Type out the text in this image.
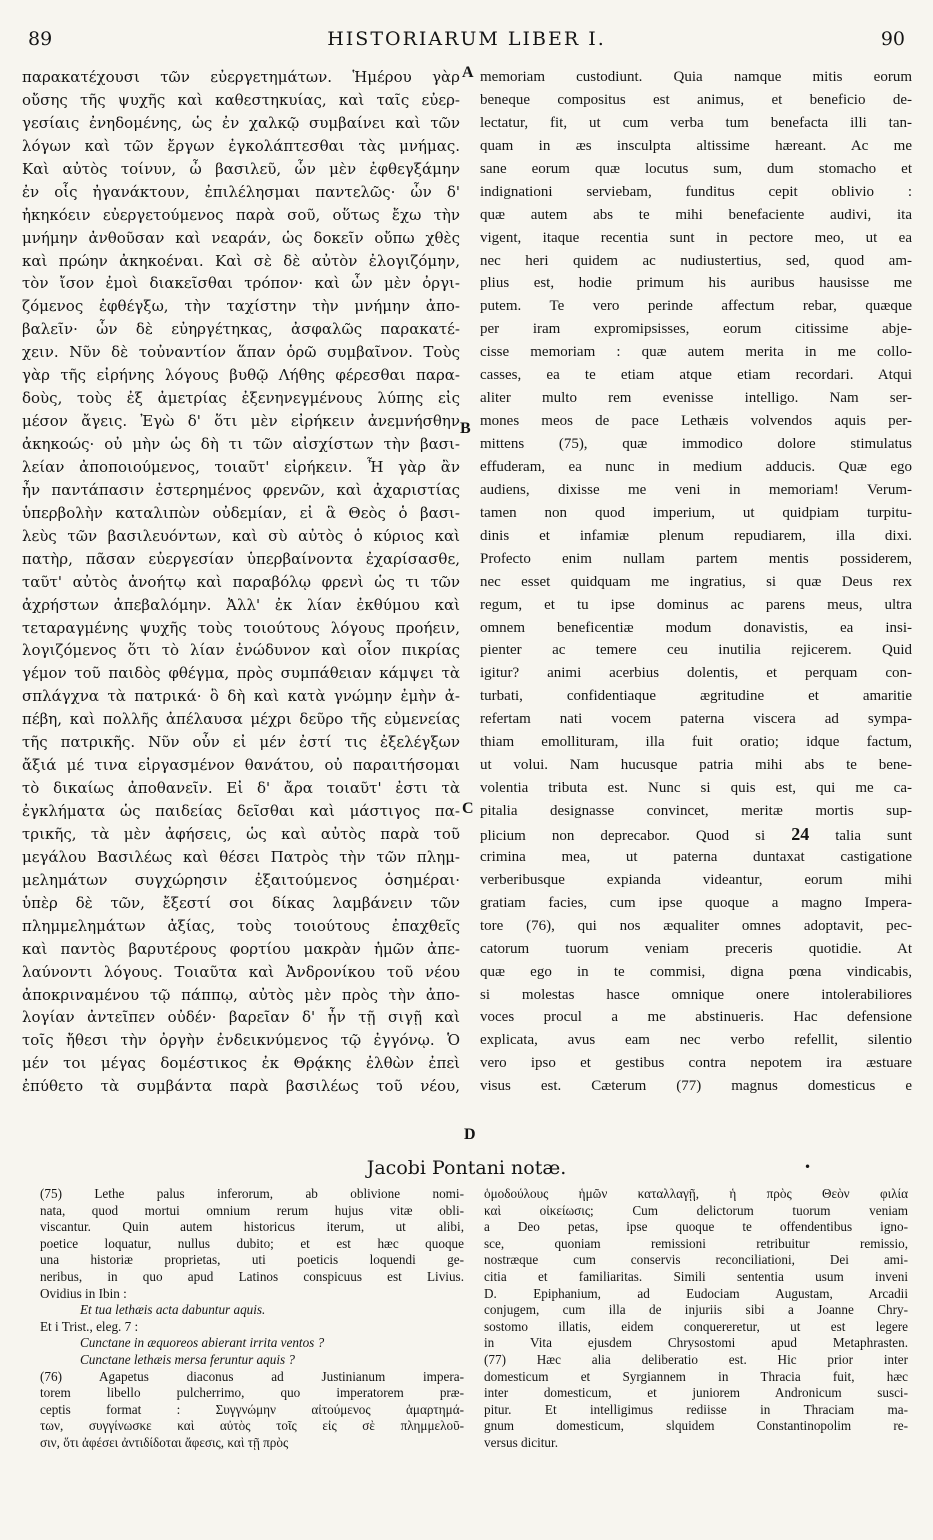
89	HISTORIARUM LIBER I.	90
παρακατέχουσι τῶν εὐεργετημάτων. Ἡμέρου γὰρ
οὔσης τῆς ψυχῆς καὶ καθεστηκυίας, καὶ ταῖς εὐερ-
γεσίαις ἐνηδομένης, ὡς ἐν χαλκῷ συμβαίνει καὶ τῶν
λόγων καὶ τῶν ἔργων ἐγκολάπτεσθαι τὰς μνήμας.
Καὶ αὐτὸς τοίνυν, ὦ βασιλεῦ, ὧν μὲν ἐφθεγξάμην
ἐν οἷς ἠγανάκτουν, ἐπιλέλησμαι παντελῶς· ὧν δ'
ἠκηκόειν εὐεργετούμενος παρὰ σοῦ, οὕτως ἔχω τὴν
μνήμην ἀνθοῦσαν καὶ νεαράν, ὡς δοκεῖν οὔπω χθὲς
καὶ πρώην ἀκηκοέναι. Καὶ σὲ δὲ αὐτὸν ἐλογιζόμην,
τὸν ἴσον ἐμοὶ διακεῖσθαι τρόπον· καὶ ὧν μὲν ὀργι-
ζόμενος ἐφθέγξω, τὴν ταχίστην τὴν μνήμην ἀπο-
βαλεῖν· ὧν δὲ εὐηργέτηκας, ἀσφαλῶς παρακατέ-
χειν. Νῦν δὲ τοὐναντίον ἅπαν ὁρῶ συμβαῖνον. Τοὺς
γὰρ τῆς εἰρήνης λόγους βυθῷ Λήθης φέρεσθαι παρα-
δοὺς, τοὺς ἐξ ἀμετρίας ἐξενηνεγμένους λύπης εἰς
μέσον ἄγεις. Ἐγὼ δ' ὅτι μὲν εἰρήκειν ἀνεμνήσθην
ἀκηκοώς· οὐ μὴν ὡς δὴ τι τῶν αἰσχίστων τὴν βασι-
λείαν ἀποποιούμενος, τοιαῦτ' εἰρήκειν. Ἦ γὰρ ἂν
ἦν παντάπασιν ἐστερημένος φρενῶν, καὶ ἀχαριστίας
ὑπερβολὴν καταλιπὼν οὐδεμίαν, εἰ ἃ Θεὸς ὁ βασι-
λεὺς τῶν βασιλευόντων, καὶ σὺ αὐτὸς ὁ κύριος καὶ
πατὴρ, πᾶσαν εὐεργεσίαν ὑπερβαίνοντα ἐχαρίσασθε,
ταῦτ' αὐτὸς ἀνοήτῳ καὶ παραβόλῳ φρενὶ ὡς τι τῶν
ἀχρήστων ἀπεβαλόμην. Ἀλλ' ἐκ λίαν ἐκθύμου καὶ
τεταραγμένης ψυχῆς τοὺς τοιούτους λόγους προήειν,
λογιζόμενος ὅτι τὸ λίαν ἐνώδυνον καὶ οἷον πικρίας
γέμον τοῦ παιδὸς φθέγμα, πρὸς συμπάθειαν κάμψει τὰ
σπλάγχνα τὰ πατρικά· ὃ δὴ καὶ κατὰ γνώμην ἐμὴν ἀ-
πέβη, καὶ πολλῆς ἀπέλαυσα μέχρι δεῦρο τῆς εὐμενείας
τῆς πατρικῆς. Νῦν οὖν εἰ μέν ἐστί τις ἐξελέγξων
ἄξιά μέ τινα εἰργασμένον θανάτου, οὐ παραιτήσομαι
τὸ δικαίως ἀποθανεῖν. Εἰ δ' ἄρα τοιαῦτ' ἐστι τὰ
ἐγκλήματα ὡς παιδείας δεῖσθαι καὶ μάστιγος πα-
τρικῆς, τὰ μὲν ἀφήσεις, ὡς καὶ αὐτὸς παρὰ τοῦ
μεγάλου Βασιλέως καὶ θέσει Πατρὸς τὴν τῶν πλημ-
μελημάτων συγχώρησιν ἐξαιτούμενος ὁσημέραι·
ὑπὲρ δὲ τῶν, ἔξεστί σοι δίκας λαμβάνειν τῶν
πλημμελημάτων ἀξίας, τοὺς τοιούτους ἐπαχθεῖς
καὶ παντὸς βαρυτέρους φορτίου μακρὰν ἡμῶν ἀπε-
λαύνοντι λόγους. Τοιαῦτα καὶ Ἀνδρονίκου τοῦ νέου
ἀποκριναμένου τῷ πάππῳ, αὐτὸς μὲν πρὸς τὴν ἀπο-
λογίαν ἀντεῖπεν οὐδέν· βαρεῖαν δ' ἦν τῇ σιγῇ καὶ
τοῖς ἤθεσι τὴν ὀργὴν ἐνδεικνύμενος τῷ ἐγγόνῳ. Ὁ
μέν τοι μέγας δομέστικος ἐκ Θρᾴκης ἐλθὼν ἐπεὶ
ἐπύθετο τὰ συμβάντα παρὰ βασιλέως τοῦ νέου,
memoriam custodiunt. Quia namque mitis eorum
beneque compositus est animus, et beneficio de-
lectatur, fit, ut cum verba tum benefacta illi tan-
quam in æs insculpta altissime hæreant. Ac me
sane eorum quæ locutus sum, dum stomacho et
indignationi serviebam, funditus cepit oblivio :
quæ autem abs te mihi benefaciente audivi, ita
vigent, itaque recentia sunt in pectore meo, ut ea
nec heri quidem ac nudiustertius, sed, quod am-
plius est, hodie primum his auribus hausisse me
putem. Te vero perinde affectum rebar, quæque
per iram expromipsisses, eorum citissime abje-
cisse memoriam : quæ autem merita in me collo-
casses, ea te etiam atque etiam recordari. Atqui
aliter multo rem evenisse intelligo. Nam ser-
mones meos de pace Lethæis volvendos aquis per-
mittens (75), quæ immodico dolore stimulatus
effuderam, ea nunc in medium adducis. Quæ ego
audiens, dixisse me veni in memoriam! Verum-
tamen non quod imperium, ut quidpiam turpitu-
dinis et infamiæ plenum repudiarem, illa dixi.
Profecto enim nullam partem mentis possiderem,
nec esset quidquam me ingratius, si quæ Deus rex
regum, et tu ipse dominus ac parens meus, ultra
omnem beneficentiæ modum donavistis, ea insi-
pienter ac temere ceu inutilia rejicerem. Quid
igitur? animi acerbius dolentis, et perquam con-
turbati, confidentiaque ægritudine et amaritie
refertam nati vocem paterna viscera ad sympa-
thiam emollituram, illa fuit oratio; idque factum,
ut volui. Nam hucusque patria mihi abs te bene-
volentia tributa est. Nunc si quis est, qui me ca-
pitalia designasse convincet, meritæ mortis sup-
plicium non deprecabor. Quod si 24 talia sunt
crimina mea, ut paterna duntaxat castigatione
verberibusque expianda videantur, eorum mihi
gratiam facies, cum ipse quoque a magno Impera-
tore (76), qui nos æqualiter omnes adoptavit, pec-
catorum tuorum veniam preceris quotidie. At
quæ ego in te commisi, digna pœna vindicabis,
si molestas hasce omnique onere intolerabiliores
voces procul a me abstinueris. Hac defensione
explicata, avus eam nec verbo refellit, silentio
vero ipso et gestibus contra nepotem ira æstuare
visus est. Cæterum (77) magnus domesticus e
A
B
C
D
Jacobi Pontani notæ.	•
(75) Lethe palus inferorum, ab oblivione nomi-
nata, quod mortui omnium rerum hujus vitæ obli-
viscantur. Quin autem historicus iterum, ut alibi,
poetice loquatur, nullus dubito; et est hæc quoque
una historiæ proprietas, uti poeticis loquendi ge-
neribus, in quo apud Latinos conspicuus est Livius.
Ovidius in Ibin :
Et tua lethæis acta dabuntur aquis.
Et i Trist., eleg. 7 :
Cunctane in æquoreos abierant irrita ventos ?
Cunctane lethæis mersa feruntur aquis ?
(76) Agapetus diaconus ad Justinianum impera-
torem libello pulcherrimo, quo imperatorem præ-
ceptis format : Συγγνώμην αἰτούμενος ἁμαρτημά-
των, συγγίνωσκε καὶ αὐτὸς τοῖς εἰς σὲ πλημμελοῦ-
σιν, ὅτι ἀφέσει ἀντιδίδοται ἄφεσις, καὶ τῇ πρὸς
ὁμοδούλους ἡμῶν καταλλαγῇ, ἡ πρὸς Θεὸν φιλία
καὶ οἰκείωσις; Cum delictorum tuorum veniam
a Deo petas, ipse quoque te offendentibus igno-
sce, quoniam remissioni retribuitur remissio,
nostræque cum conservis reconciliationi, Dei ami-
citia et familiaritas. Simili sententia usum inveni
D. Epiphanium, ad Eudociam Augustam, Arcadii
conjugem, cum illa de injuriis sibi a Joanne Chry-
sostomo illatis, eidem conquereretur, ut est legere
in Vita ejusdem Chrysostomi apud Metaphrasten.
(77) Hæc alia deliberatio est. Hic prior inter
domesticum et Syrgiannem in Thracia fuit, hæc
inter domesticum, et juniorem Andronicum susci-
pitur. Et intelligimus rediisse in Thraciam ma-
gnum domesticum, slquidem Constantinopolim re-
versus dicitur.
